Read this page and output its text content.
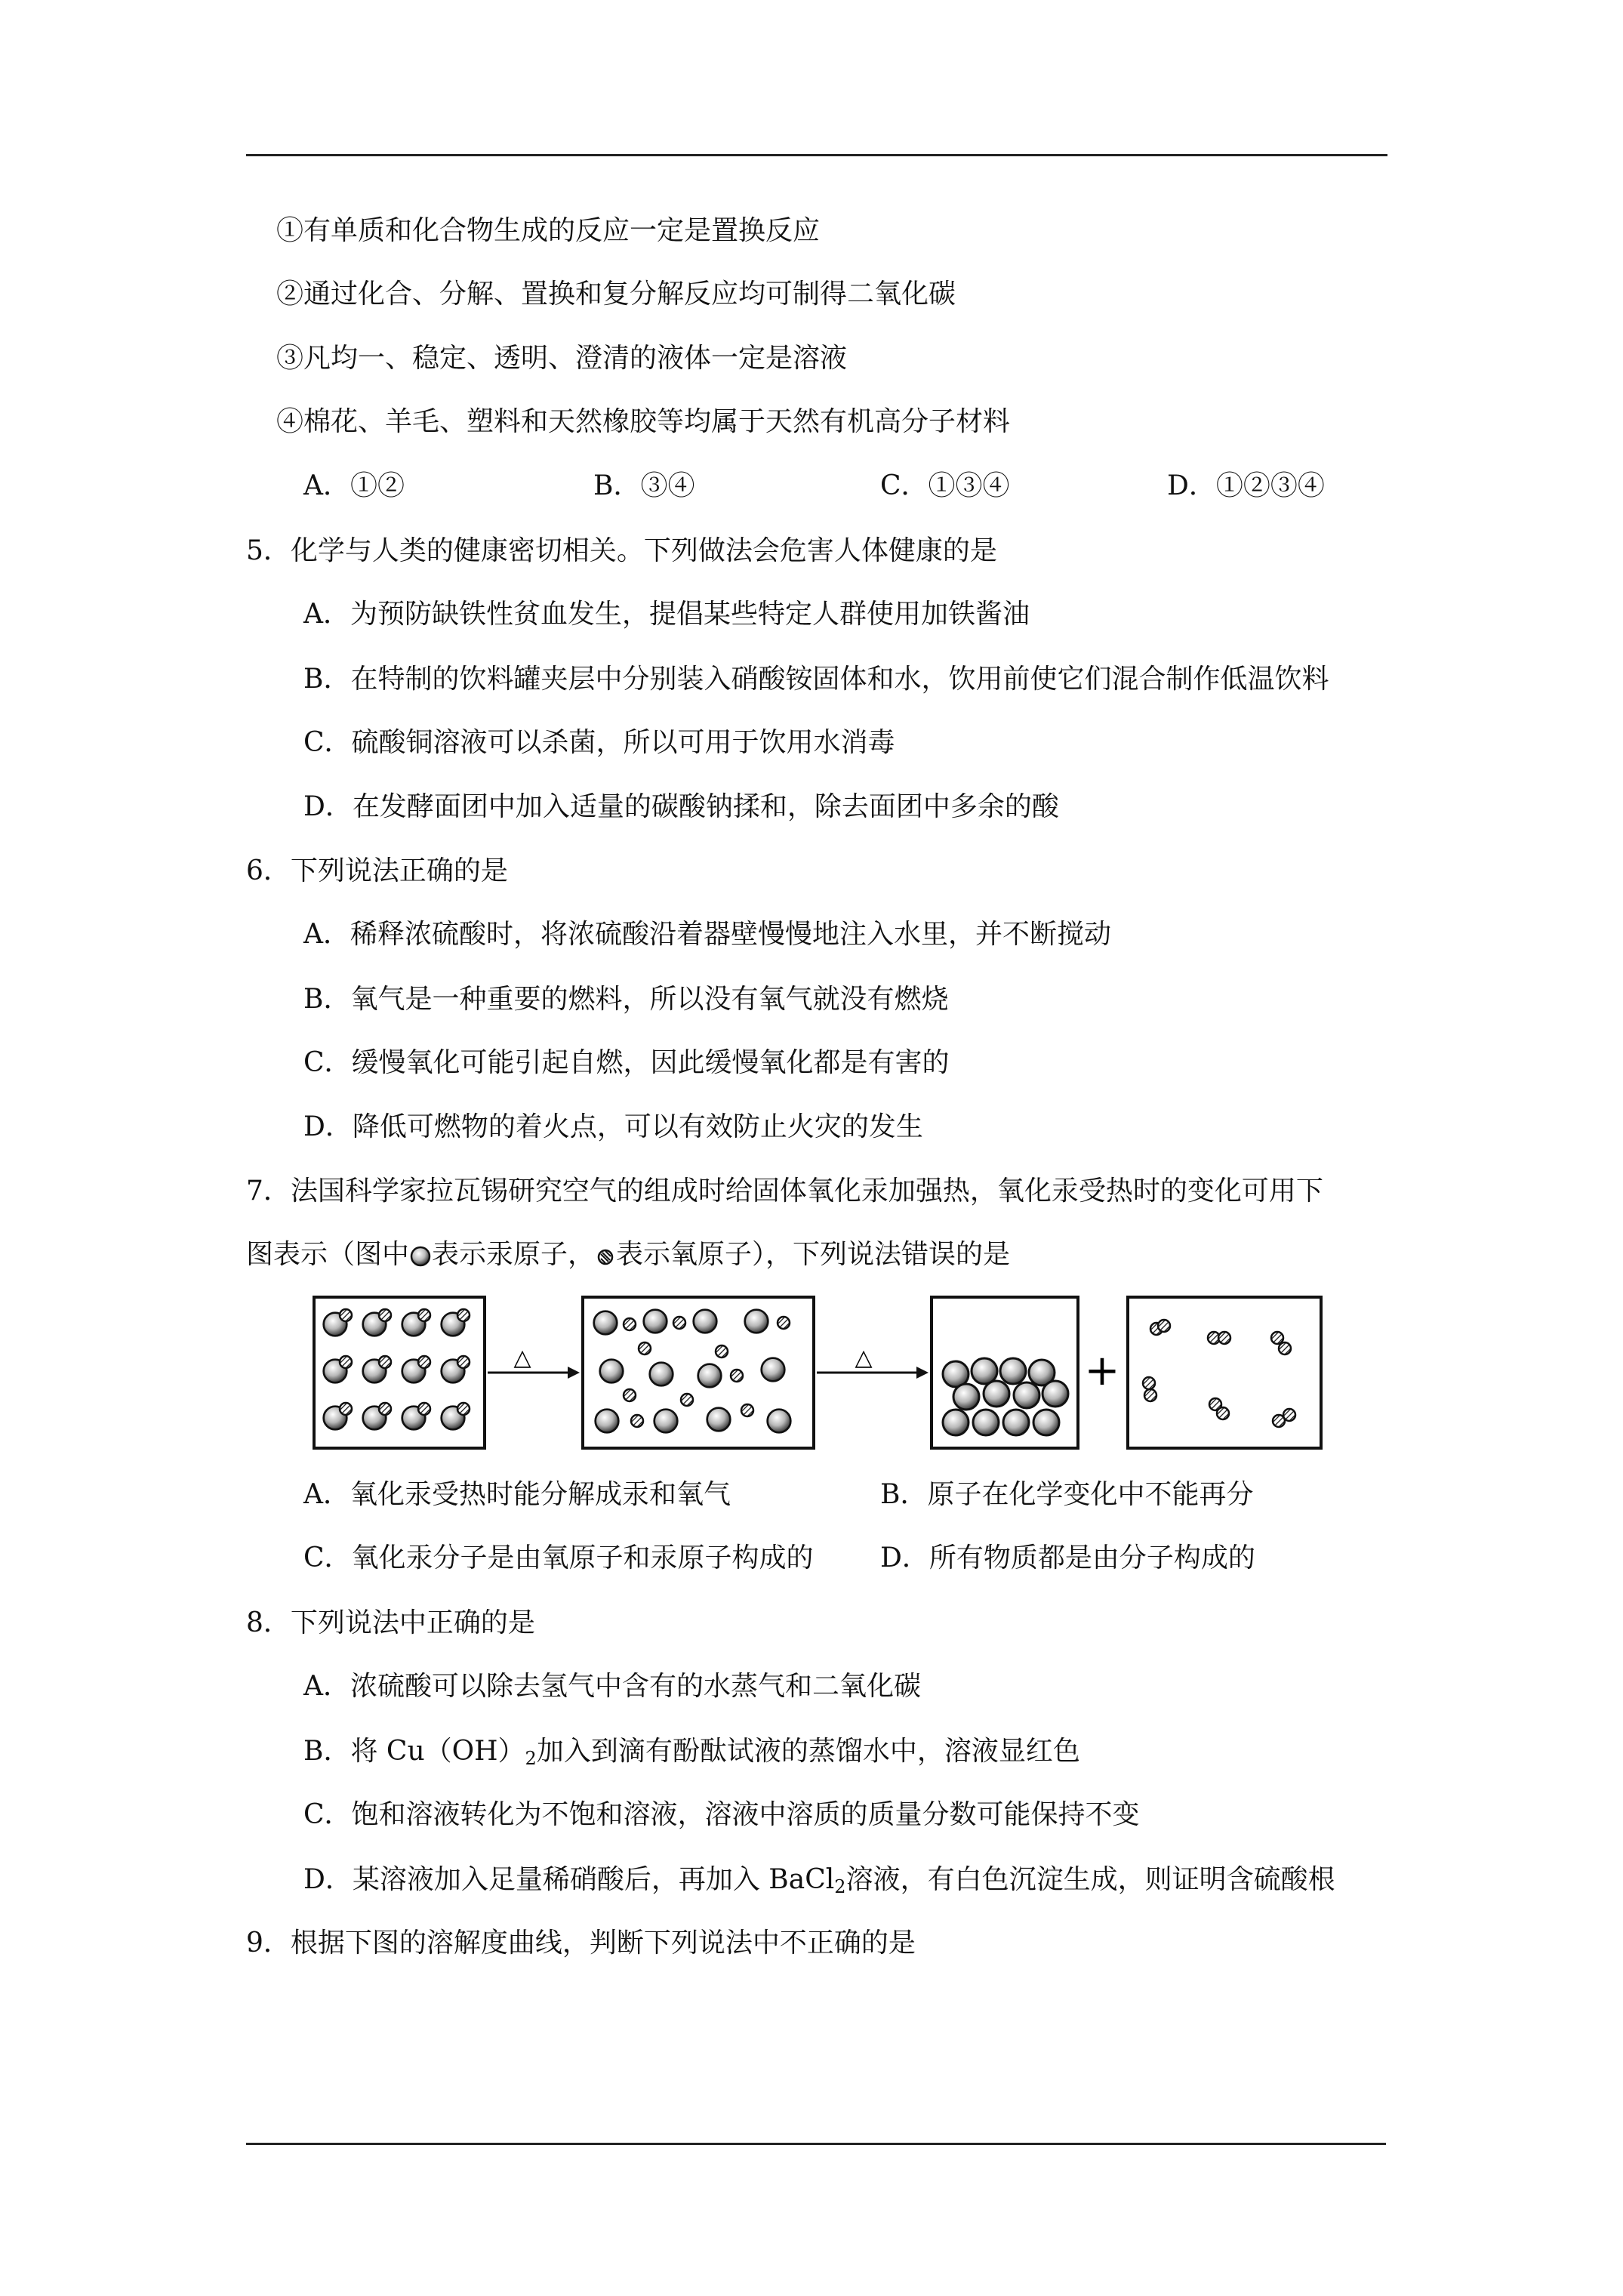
①有单质和化合物生成的反应一定是置换反应
②通过化合、分解、置换和复分解反应均可制得二氧化碳
③凡均一、稳定、透明、澄清的液体一定是溶液
④棉花、羊毛、塑料和天然橡胶等均属于天然有机高分子材料
A．①②	B．③④	C．①③④	D．①②③④
5．化学与人类的健康密切相关。下列做法会危害人体健康的是
A．为预防缺铁性贫血发生，提倡某些特定人群使用加铁酱油
B．在特制的饮料罐夹层中分别装入硝酸铵固体和水，饮用前使它们混合制作低温饮料
C．硫酸铜溶液可以杀菌，所以可用于饮用水消毒
D．在发酵面团中加入适量的碳酸钠揉和，除去面团中多余的酸
6．下列说法正确的是
A．稀释浓硫酸时，将浓硫酸沿着器壁慢慢地注入水里，并不断搅动
B．氧气是一种重要的燃料，所以没有氧气就没有燃烧
C．缓慢氧化可能引起自燃，因此缓慢氧化都是有害的
D．降低可燃物的着火点，可以有效防止火灾的发生
7．法国科学家拉瓦锡研究空气的组成时给固体氧化汞加强热，氧化汞受热时的变化可用下
图表示（图中 表示汞原子， 表示氧原子），下列说法错误的是
△	△	+
A．氧化汞受热时能分解成汞和氧气	B．原子在化学变化中不能再分
C．氧化汞分子是由氧原子和汞原子构成的 D．所有物质都是由分子构成的
8．下列说法中正确的是
A．浓硫酸可以除去氢气中含有的水蒸气和二氧化碳
B．将 $Cu(OH)_2$加入到滴有酚酞试液的蒸馏水中，溶液显红色
C．饱和溶液转化为不饱和溶液，溶液中溶质的质量分数可能保持不变
D．某溶液加入足量稀硝酸后，再加入 BaCl$_2$溶液，有白色沉淀生成，则证明含硫酸根
9．根据下图的溶解度曲线，判断下列说法中不正确的是
